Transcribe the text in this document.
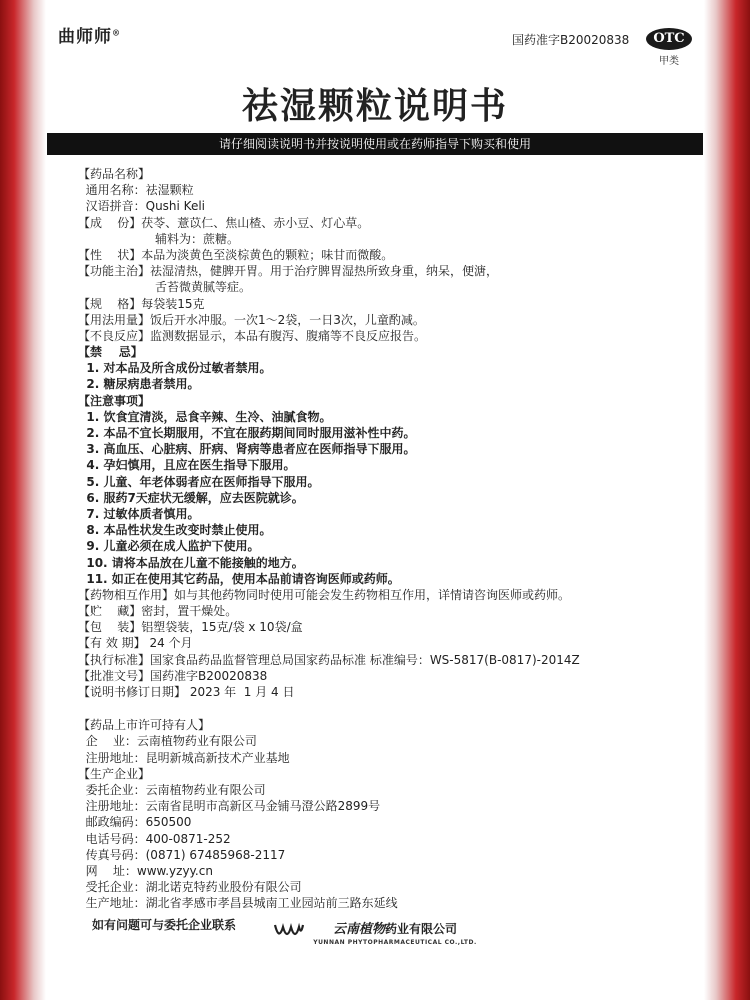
曲师师®
国药准字B20020838	OTC
甲类
祛湿颗粒说明书
请仔细阅读说明书并按说明使用或在药师指导下购买和使用
【药品名称】
通用名称：祛湿颗粒
汉语拼音：Qushi Keli
【成    份】茯苓、薏苡仁、焦山楂、赤小豆、灯心草。
辅料为：蔗糖。
【性    状】本品为淡黄色至淡棕黄色的颗粒；味甘而微酸。
【功能主治】祛湿清热，健脾开胃。用于治疗脾胃湿热所致身重，纳呆，便溏，
舌苔微黄腻等症。
【规    格】每袋装15克
【用法用量】饭后开水冲服。一次1～2袋，一日3次，儿童酌减。
【不良反应】监测数据显示，本品有腹泻、腹痛等不良反应报告。
【禁    忌】
1. 对本品及所含成份过敏者禁用。
2. 糖尿病患者禁用。
【注意事项】
1. 饮食宜清淡，忌食辛辣、生冷、油腻食物。
2. 本品不宜长期服用，不宜在服药期间同时服用滋补性中药。
3. 高血压、心脏病、肝病、肾病等患者应在医师指导下服用。
4. 孕妇慎用，且应在医生指导下服用。
5. 儿童、年老体弱者应在医师指导下服用。
6. 服药7天症状无缓解，应去医院就诊。
7. 过敏体质者慎用。
8. 本品性状发生改变时禁止使用。
9. 儿童必须在成人监护下使用。
10. 请将本品放在儿童不能接触的地方。
11. 如正在使用其它药品，使用本品前请咨询医师或药师。
【药物相互作用】如与其他药物同时使用可能会发生药物相互作用，详情请咨询医师或药师。
【贮    藏】密封，置干燥处。
【包    装】铝塑袋装，15克/袋 x 10袋/盒
【有 效 期】 24 个月
【执行标准】国家食品药品监督管理总局国家药品标准 标准编号：WS-5817(B-0817)-2014Z
【批准文号】国药准字B20020838
【说明书修订日期】 2023 年  1 月 4 日
【药品上市许可持有人】
企    业：云南植物药业有限公司
注册地址：昆明新城高新技术产业基地
【生产企业】
委托企业：云南植物药业有限公司
注册地址：云南省昆明市高新区马金铺马澄公路2899号
邮政编码：650500
电话号码：400-0871-252
传真号码：(0871) 67485968-2117
网    址：www.yzyy.cn
受托企业：湖北诺克特药业股份有限公司
生产地址：湖北省孝感市孝昌县城南工业园站前三路东延线
如有问题可与委托企业联系	云南植物药业有限公司
YUNNAN PHYTOPHARMACEUTICAL CO.,LTD.
